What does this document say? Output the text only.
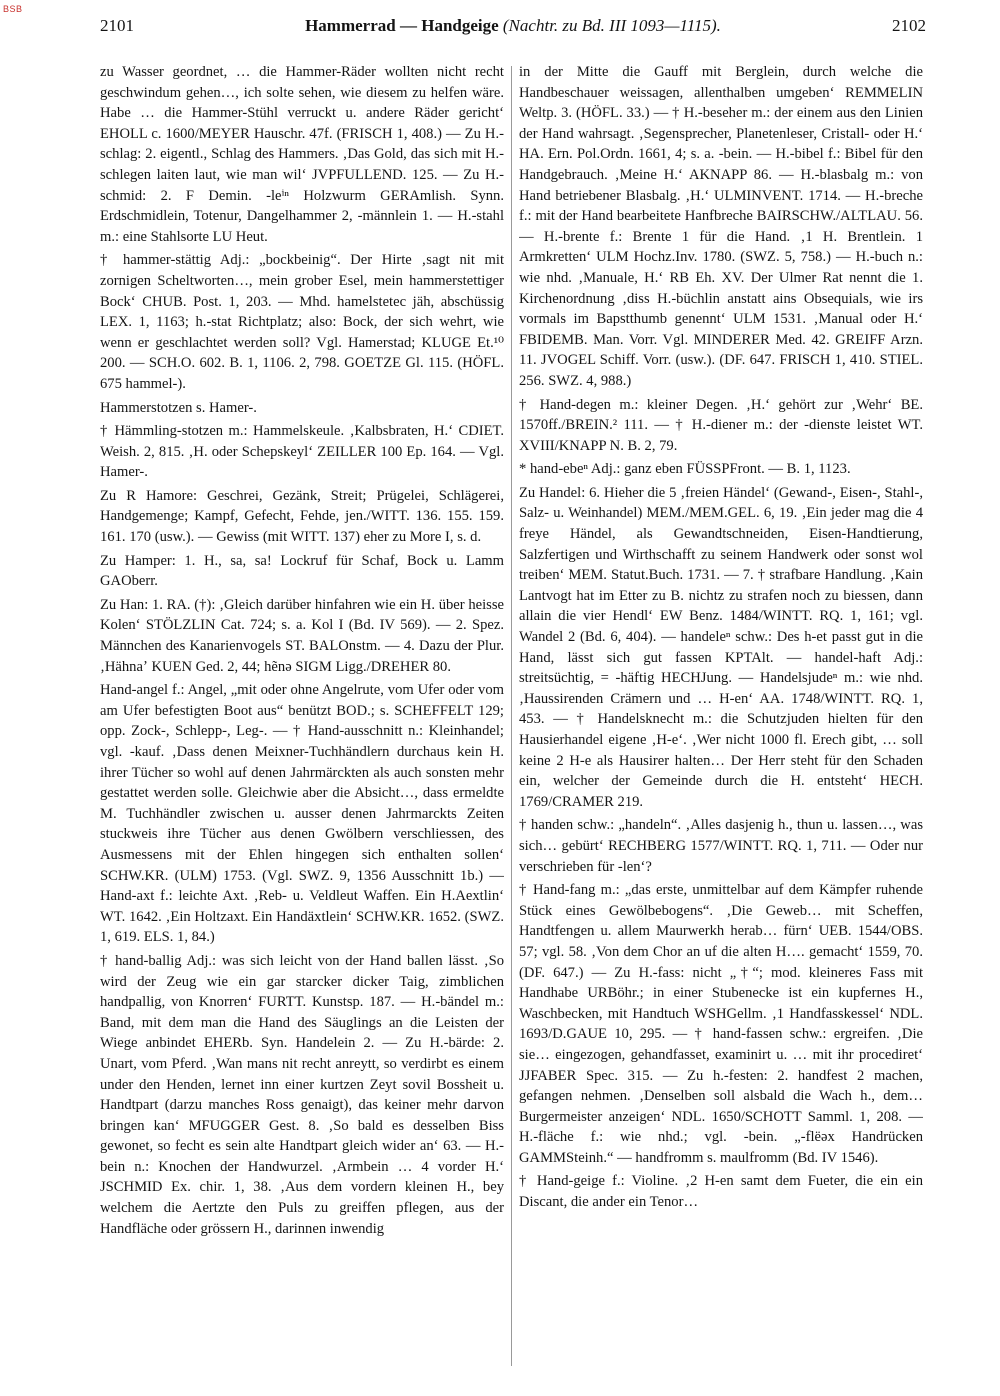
BSB
2101	Hammerrad — Handgeige (Nachtr. zu Bd. III 1093—1115).	2102

zu Wasser geordnet, … die Hammer-Räder wollten nicht recht geschwindum gehen…, ich solte sehen, wie diesem zu helfen wäre. Habe … die Hammer-Stühl verruckt u. andere Räder gericht‘ EHOLL c. 1600/MEYER Hauschr. 47f. (FRISCH 1, 408.) — Zu H.-schlag: 2. eigentl., Schlag des Hammers. ‚Das Gold, das sich mit H.-schlegen laiten laut, wie man wil‘ JVPFULLEND. 125. — Zu H.-schmid: 2. F Demin. -leⁱⁿ Holzwurm GERAmlish. Synn. Erdschmidlein, Totenur, Dangelhammer 2, -männlein 1. — H.-stahl m.: eine Stahlsorte LU Heut.

† hammer-stättig Adj.: „bockbeinig“. Der Hirte ‚sagt nit mit zornigen Scheltworten…, mein grober Esel, mein hammerstettiger Bock‘ CHUB. Post. 1, 203. — Mhd. hamelstetec jäh, abschüssig LEX. 1, 1163; h.-stat Richtplatz; also: Bock, der sich wehrt, wie wenn er geschlachtet werden soll? Vgl. Hamerstad; KLUGE Et.¹⁰ 200. — SCH.O. 602. B. 1, 1106. 2, 798. GOETZE Gl. 115. (HÖFL. 675 hammel-).

Hammerstotzen s. Hamer-.

† Hämmling-stotzen m.: Hammelskeule. ‚Kalbsbraten, H.‘ CDIET. Weish. 2, 815. ‚H. oder Schepskeyl‘ ZEILLER 100 Ep. 164. — Vgl. Hamer-.

Zu R Hamore: Geschrei, Gezänk, Streit; Prügelei, Schlägerei, Handgemenge; Kampf, Gefecht, Fehde, jen./WITT. 136. 155. 159. 161. 170 (usw.). — Gewiss (mit WITT. 137) eher zu More I, s. d.

Zu Hamper: 1. H., sa, sa! Lockruf für Schaf, Bock u. Lamm GAOberr.

Zu Han: 1. RA. (†): ‚Gleich darüber hinfahren wie ein H. über heisse Kolen‘ STÖLZLIN Cat. 724; s. a. Kol I (Bd. IV 569). — 2. Spez. Männchen des Kanarienvogels ST. BALOnstm. — 4. Dazu der Plur. ‚Hähnaʼ KUEN Ged. 2, 44; hẽnə SIGM Ligg./DREHER 80.

Hand-angel f.: Angel, „mit oder ohne Angelrute, vom Ufer oder vom am Ufer befestigten Boot aus“ benützt BOD.; s. SCHEFFELT 129; opp. Zock-, Schlepp-, Leg-. — † Hand-ausschnitt n.: Kleinhandel; vgl. -kauf. ‚Dass denen Meixner-Tuchhändlern durchaus kein H. ihrer Tücher so wohl auf denen Jahrmärckten als auch sonsten mehr gestattet werden solle. Gleichwie aber die Absicht…, dass ermeldte M. Tuchhändler zwischen u. ausser denen Jahrmarckts Zeiten stuckweis ihre Tücher aus denen Gwölbern verschliessen, des Ausmessens mit der Ehlen hingegen sich enthalten sollen‘ SCHW.KR. (ULM) 1753. (Vgl. SWZ. 9, 1356 Ausschnitt 1b.) — Hand-axt f.: leichte Axt. ‚Reb- u. Veldleut Waffen. Ein H.Aextlin‘ WT. 1642. ‚Ein Holtzaxt. Ein Handäxtlein‘ SCHW.KR. 1652. (SWZ. 1, 619. ELS. 1, 84.)

† hand-ballig Adj.: was sich leicht von der Hand ballen lässt. ‚So wird der Zeug wie ein gar starcker dicker Taig, zimblichen handpallig, von Knorren‘ FURTT. Kunstsp. 187. — H.-bändel m.: Band, mit dem man die Hand des Säuglings an die Leisten der Wiege anbindet EHERb. Syn. Handelein 2. — Zu H.-bärde: 2. Unart, vom Pferd. ‚Wan mans nit recht anreytt, so verdirbt es einem under den Henden, lernet inn einer kurtzen Zeyt sovil Bossheit u. Handtpart (darzu manches Ross genaigt), das keiner mehr darvon bringen kan‘ MFUGGER Gest. 8. ‚So bald es desselben Biss gewonet, so fecht es sein alte Handtpart gleich wider an‘ 63. — H.-bein n.: Knochen der Handwurzel. ‚Armbein … 4 vorder H.‘ JSCHMID Ex. chir. 1, 38. ‚Aus dem vordern kleinen H., bey welchem die Aertzte den Puls zu greiffen pflegen, aus der Handfläche oder grössern H., darinnen inwendig

in der Mitte die Gauff mit Berglein, durch welche die Handbeschauer weissagen, allenthalben umgeben‘ REMMELIN Weltp. 3. (HÖFL. 33.) — † H.-beseher m.: der einem aus den Linien der Hand wahrsagt. ‚Segensprecher, Planetenleser, Cristall- oder H.‘ HA. Ern. Pol.Ordn. 1661, 4; s. a. -bein. — H.-bibel f.: Bibel für den Handgebrauch. ‚Meine H.‘ AKNAPP 86. — H.-blasbalg m.: von Hand betriebener Blasbalg. ‚H.‘ ULMINVENT. 1714. — H.-breche f.: mit der Hand bearbeitete Hanfbreche BAIRSCHW./ALTLAU. 56. — H.-brente f.: Brente 1 für die Hand. ‚1 H. Brentlein. 1 Armkretten‘ ULM Hochz.Inv. 1780. (SWZ. 5, 758.) — H.-buch n.: wie nhd. ‚Manuale, H.‘ RB Eh. XV. Der Ulmer Rat nennt die 1. Kirchenordnung ‚diss H.-büchlin anstatt ains Obsequials, wie irs vormals im Bapstthumb genennt‘ ULM 1531. ‚Manual oder H.‘ FBIDEMB. Man. Vorr. Vgl. MINDERER Med. 42. GREIFF Arzn. 11. JVOGEL Schiff. Vorr. (usw.). (DF. 647. FRISCH 1, 410. STIEL. 256. SWZ. 4, 988.)

† Hand-degen m.: kleiner Degen. ‚H.‘ gehört zur ‚Wehr‘ BE. 1570ff./BREIN.² 111. — † H.-diener m.: der -dienste leistet WT. XVIII/KNAPP N. B. 2, 79.

* hand-ebeⁿ Adj.: ganz eben FÜSSPFront. — B. 1, 1123.

Zu Handel: 6. Hieher die 5 ‚freien Händel‘ (Gewand-, Eisen-, Stahl-, Salz- u. Weinhandel) MEM./MEM.GEL. 6, 19. ‚Ein jeder mag die 4 freye Händel, als Gewandtschneiden, Eisen-Handtierung, Salzfertigen und Wirthschafft zu seinem Handwerk oder sonst wol treiben‘ MEM. Statut.Buch. 1731. — 7. † strafbare Handlung. ‚Kain Lantvogt hat im Etter zu B. nichtz zu strafen noch zu biessen, dann allain die vier Hendl‘ EW Benz. 1484/WINTT. RQ. 1, 161; vgl. Wandel 2 (Bd. 6, 404). — handeleⁿ schw.: Des h-et passt gut in die Hand, lässt sich gut fassen KPTAlt. — handel-haft Adj.: streitsüchtig, = -häftig HECHJung. — Handelsjudeⁿ m.: wie nhd. ‚Haussirenden Crämern und … H-en‘ AA. 1748/WINTT. RQ. 1, 453. — † Handelsknecht m.: die Schutzjuden hielten für den Hausierhandel eigene ‚H-e‘. ‚Wer nicht 1000 fl. Erech gibt, … soll keine 2 H-e als Hausirer halten… Der Herr steht für den Schaden ein, welcher der Gemeinde durch die H. entsteht‘ HECH. 1769/CRAMER 219.

† handen schw.: „handeln“. ‚Alles dasjenig h., thun u. lassen…, was sich… gebürt‘ RECHBERG 1577/WINTT. RQ. 1, 711. — Oder nur verschrieben für -len‘?

† Hand-fang m.: „das erste, unmittelbar auf dem Kämpfer ruhende Stück eines Gewölbebogens“. ‚Die Geweb… mit Scheffen, Handtfengen u. allem Maurwerkh herab… fürn‘ UEB. 1544/OBS. 57; vgl. 58. ‚Von dem Chor an uf die alten H…. gemacht‘ 1559, 70. (DF. 647.) — Zu H.-fass: nicht „†“; mod. kleineres Fass mit Handhabe URBöhr.; in einer Stubenecke ist ein kupfernes H., Waschbecken, mit Handtuch WSHGellm. ‚1 Handfasskessel‘ NDL. 1693/D.GAUE 10, 295. — † hand-fassen schw.: ergreifen. ‚Die sie… eingezogen, gehandfasset, examinirt u. … mit ihr procediret‘ JJFABER Spec. 315. — Zu h.-festen: 2. handfest 2 machen, gefangen nehmen. ‚Denselben soll alsbald die Wach h., dem… Burgermeister anzeigen‘ NDL. 1650/SCHOTT Samml. 1, 208. — H.-fläche f.: wie nhd.; vgl. -bein. „-flëəx Handrücken GAMMSteinh.“ — handfromm s. maulfromm (Bd. IV 1546).

† Hand-geige f.: Violine. ‚2 H-en samt dem Fueter, die ein ein Discant, die ander ein Tenor…
